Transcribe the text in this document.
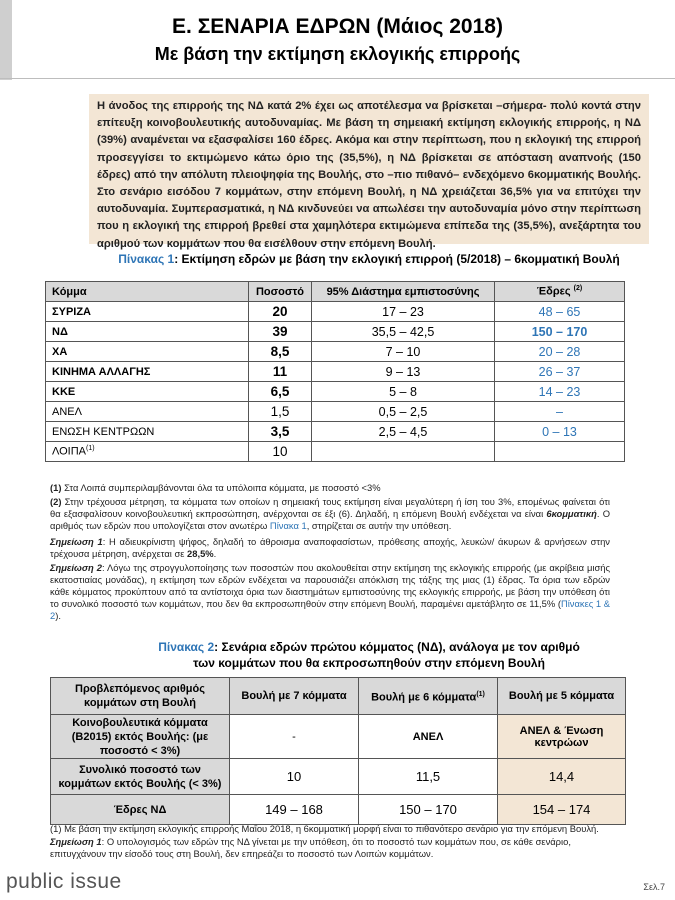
Ε. ΣΕΝΑΡΙΑ ΕΔΡΩΝ (Μάιος 2018)
Με βάση την εκτίμηση εκλογικής επιρροής
Η άνοδος της επιρροής της ΝΔ κατά 2% έχει ως αποτέλεσμα να βρίσκεται –σήμερα- πολύ κοντά στην επίτευξη κοινοβουλευτικής αυτοδυναμίας. Με βάση τη σημειακή εκτίμηση εκλογικής επιρροής, η ΝΔ (39%) αναμένεται να εξασφαλίσει 160 έδρες. Ακόμα και στην περίπτωση, που η εκλογική της επιρροή προσεγγίσει το εκτιμώμενο κάτω όριο της (35,5%), η ΝΔ βρίσκεται σε απόσταση αναπνοής (150 έδρες) από την απόλυτη πλειοψηφία της Βουλής, στο –πιο πιθανό– ενδεχόμενο 6κομματικής Βουλής. Στο σενάριο εισόδου 7 κομμάτων, στην επόμενη Βουλή, η ΝΔ χρειάζεται 36,5% για να επιτύχει την αυτοδυναμία. Συμπερασματικά, η ΝΔ κινδυνεύει να απωλέσει την αυτοδυναμία μόνο στην περίπτωση που η εκλογική της επιρροή βρεθεί στα χαμηλότερα εκτιμώμενα επίπεδα της (35,5%), ανεξάρτητα του αριθμού των κομμάτων που θα εισέλθουν στην επόμενη Βουλή.
Πίνακας 1: Εκτίμηση εδρών με βάση την εκλογική επιρροή (5/2018) – 6κομματική Βουλή
Κόμμα	Ποσοστό	95% Διάστημα εμπιστοσύνης	Έδρες $^{(2)}$
ΣΥΡΙΖΑ	20	17 – 23	48 – 65
ΝΔ	39	35,5 – 42,5	150 – 170
ΧΑ	8,5	7 – 10	20 – 28
ΚΙΝΗΜΑ ΑΛΛΑΓΗΣ	11	9 – 13	26 – 37
ΚΚΕ	6,5	5 – 8	14 – 23
ΑΝΕΛ	1,5	0,5 – 2,5	–
ΕΝΩΣΗ ΚΕΝΤΡΩΩΝ	3,5	2,5 – 4,5	0 – 13
ΛΟΙΠΑ$^{(1)}$	10		

(1) Στα Λοιπά συμπεριλαμβάνονται όλα τα υπόλοιπα κόμματα, με ποσοστό <3%

(2) Στην τρέχουσα μέτρηση, τα κόμματα των οποίων η σημειακή τους εκτίμηση είναι μεγαλύτερη ή ίση του 3%, επομένως φαίνεται ότι θα εξασφαλίσουν κοινοβουλευτική εκπροσώπηση, ανέρχονται σε έξι (6). Δηλαδή, η επόμενη Βουλή ενδέχεται να είναι 6κομματική. Ο αριθμός των εδρών που υπολογίζεται στον ανωτέρω Πίνακα 1, στηρίζεται σε αυτήν την υπόθεση.

Σημείωση 1: Η αδιευκρίνιστη ψήφος, δηλαδή το άθροισμα αναποφασίστων, πρόθεσης αποχής, λευκών/ άκυρων & αρνήσεων στην τρέχουσα μέτρηση, ανέρχεται σε 28,5%.

Σημείωση 2: Λόγω της στρογγυλοποίησης των ποσοστών που ακολουθείται στην εκτίμηση της εκλογικής επιρροής (με ακρίβεια μισής εκατοστιαίας μονάδας), η εκτίμηση των εδρών ενδέχεται να παρουσιάζει απόκλιση της τάξης της μιας (1) έδρας. Τα όρια των εδρών κάθε κόμματος προκύπτουν από τα αντίστοιχα όρια των διαστημάτων εμπιστοσύνης της εκλογικής επιρροής, με βάση την υπόθεση ότι το συνολικό ποσοστό των κομμάτων, που δεν θα εκπροσωπηθούν στην επόμενη Βουλή, παραμένει αμετάβλητο σε 11,5% (Πίνακες 1 & 2).

Πίνακας 2: Σενάρια εδρών πρώτου κόμματος (ΝΔ), ανάλογα με τον αριθμό
των κομμάτων που θα εκπροσωπηθούν στην επόμενη Βουλή
Προβλεπόμενος αριθμός κομμάτων στη Βουλή	Βουλή με 7 κόμματα	Βουλή με 6 κόμματα$^{(1)}$	Βουλή με 5 κόμματα
Κοινοβουλευτικά κόμματα (Β2015) εκτός Βουλής: (με ποσοστό < 3%)	-	ΑΝΕΛ	ΑΝΕΛ & Ένωση κεντρώων
Συνολικό ποσοστό των κομμάτων εκτός Βουλής (< 3%)	10	11,5	14,4
Έδρες ΝΔ	149 – 168	150 – 170	154 – 174

(1) Με βάση την εκτίμηση εκλογικής επιρροής Μαΐου 2018, η 6κομματική μορφή είναι το πιθανότερο σενάριο για την επόμενη Βουλή.

Σημείωση 1: Ο υπολογισμός των εδρών της ΝΔ γίνεται με την υπόθεση, ότι το ποσοστό των κομμάτων που, σε κάθε σενάριο, επιτυγχάνουν την είσοδό τους στη Βουλή, δεν επηρεάζει το ποσοστό των Λοιπών κομμάτων.

public issue	Σελ.7
